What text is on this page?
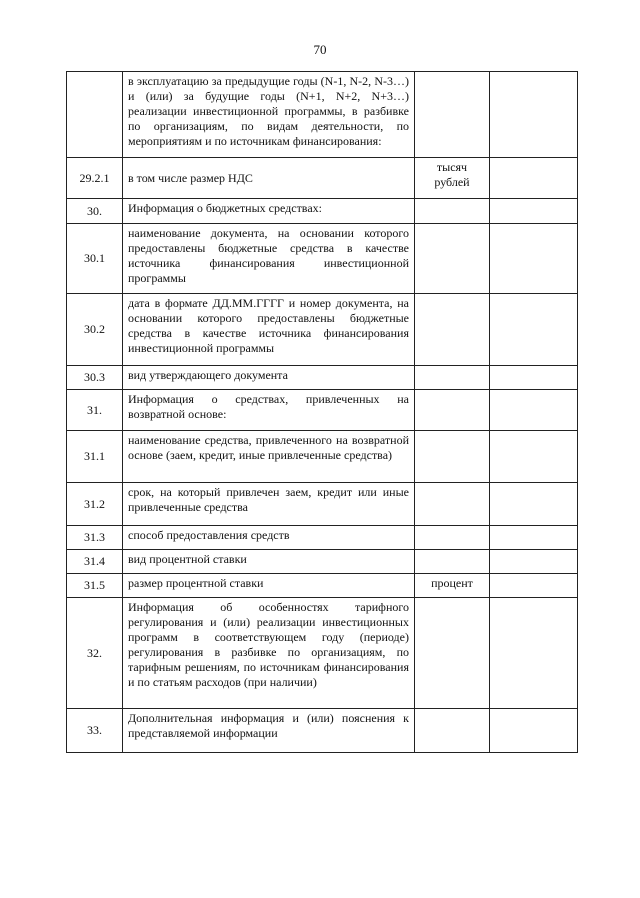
70
	в эксплуатацию за предыдущие годы (N-1, N-2, N-3…) и (или) за будущие годы (N+1, N+2, N+3…) реализации инвестиционной программы, в разбивке по организациям, по видам деятельности, по мероприятиям и по источникам финансирования:		
29.2.1	в том числе размер НДС	тысяч рублей	
30.	Информация о бюджетных средствах:		
30.1	наименование документа, на основании которого предоставлены бюджетные средства в качестве источника финансирования инвестиционной программы		
30.2	дата в формате ДД.ММ.ГГГГ и номер документа, на основании которого предоставлены бюджетные средства в качестве источника финансирования инвестиционной программы		
30.3	вид утверждающего документа		
31.	Информация о средствах, привлеченных на возвратной основе:		
31.1	наименование средства, привлеченного на возвратной основе (заем, кредит, иные привлеченные средства)		
31.2	срок, на который привлечен заем, кредит или иные привлеченные средства		
31.3	способ предоставления средств		
31.4	вид процентной ставки		
31.5	размер процентной ставки	процент	
32.	Информация об особенностях тарифного регулирования и (или) реализации инвестиционных программ в соответствующем году (периоде) регулирования в разбивке по организациям, по тарифным решениям, по источникам финансирования и по статьям расходов (при наличии)		
33.	Дополнительная информация и (или) пояснения к представляемой информации		
